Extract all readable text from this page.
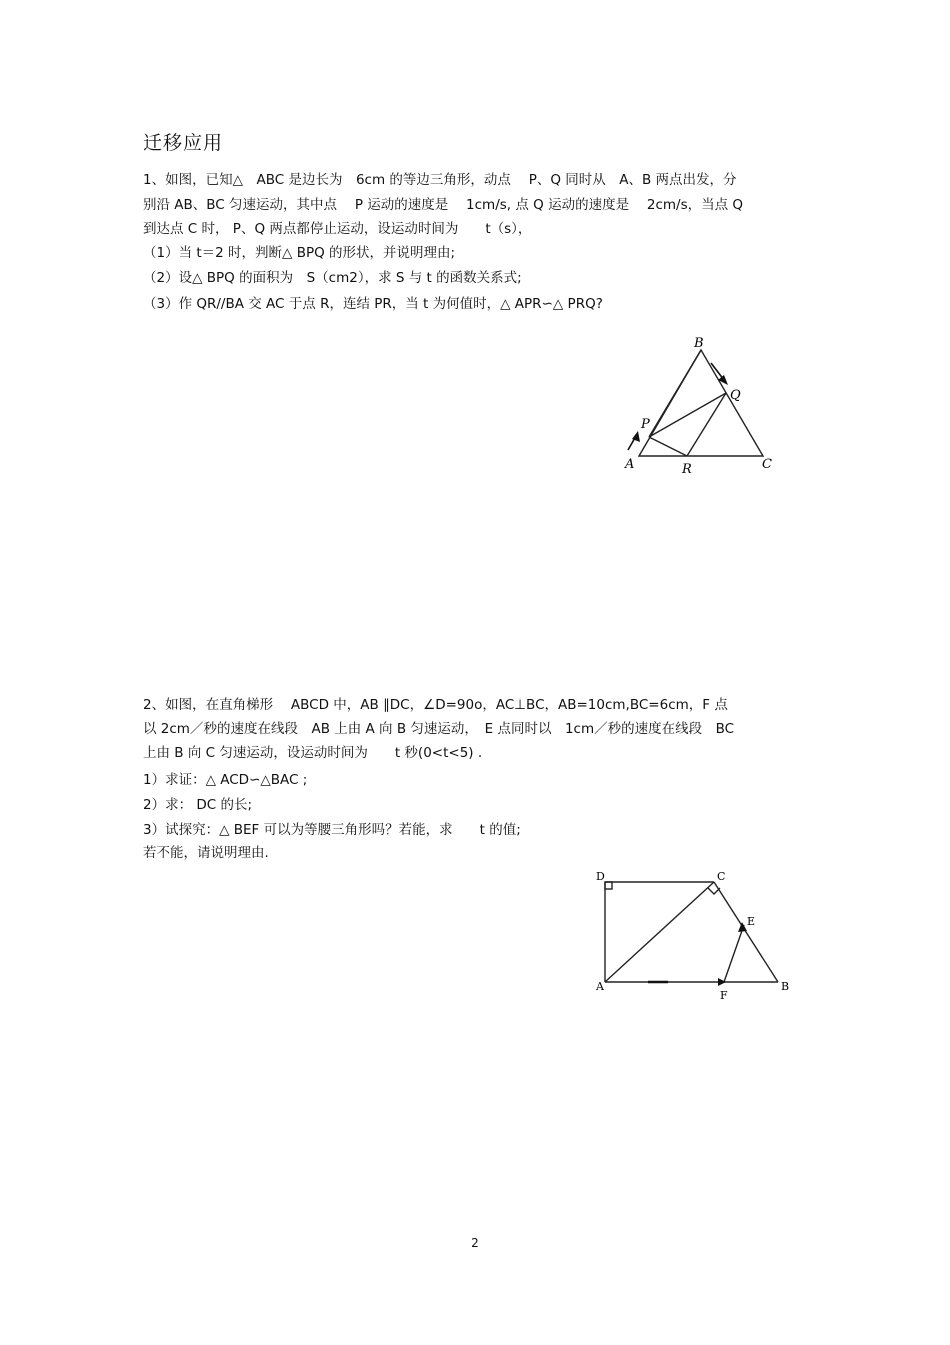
迁移应用
1、如图，已知△　ABC 是边长为　6cm 的等边三角形，动点　 P、Q 同时从　A、B 两点出发，分
别沿 AB、BC 匀速运动，其中点　 P 运动的速度是　 1cm/s, 点 Q 运动的速度是　 2cm/s，当点 Q
到达点 C 时， P、Q 两点都停止运动，设运动时间为　　t（s），
（1）当 t＝2 时，判断△ BPQ 的形状，并说明理由;
（2）设△ BPQ 的面积为　S（cm2），求 S 与 t 的函数关系式;
（3）作 QR//BA 交 AC 于点 R，连结 PR，当 t 为何值时，△ APR∽△ PRQ?
B
Q
P
A	R	C
2、如图，在直角梯形　 ABCD 中，AB ∥DC，∠D=90o，AC⊥BC，AB=10cm,BC=6cm，F 点
以 2cm／秒的速度在线段　AB 上由 A 向 B 匀速运动，　E 点同时以　1cm／秒的速度在线段　BC
上由 B 向 C 匀速运动，设运动时间为　　t 秒(0<t<5) .
1）求证：△ ACD∽△BAC ;
2）求： DC 的长;
3）试探究：△ BEF 可以为等腰三角形吗？若能，求　　t 的值;
若不能，请说明理由.
D	C
E
A
F
B
2
